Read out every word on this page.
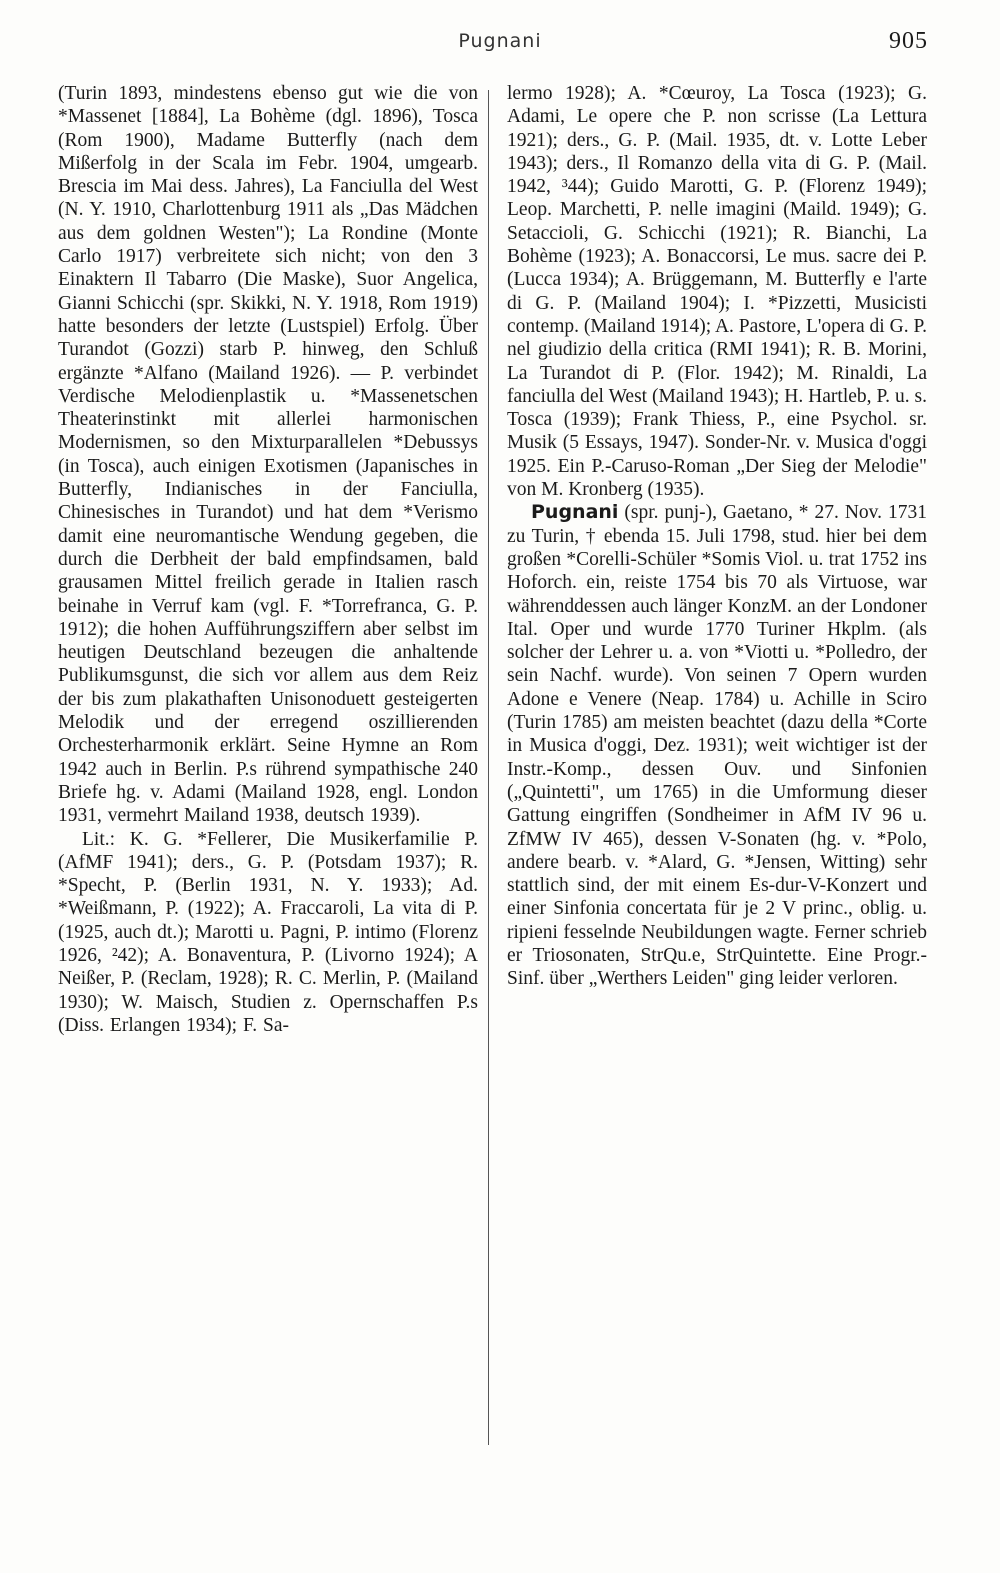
Pugnani	905

(Turin 1893, mindestens ebenso gut wie die von *Massenet [1884], La Bohème (dgl. 1896), Tosca (Rom 1900), Madame Butterfly (nach dem Mißerfolg in der Scala im Febr. 1904, umgearb. Brescia im Mai dess. Jahres), La Fanciulla del West (N. Y. 1910, Charlottenburg 1911 als „Das Mädchen aus dem goldnen Westen"); La Rondine (Monte Carlo 1917) verbreitete sich nicht; von den 3 Einaktern Il Tabarro (Die Maske), Suor Angelica, Gianni Schicchi (spr. Skikki, N. Y. 1918, Rom 1919) hatte besonders der letzte (Lustspiel) Erfolg. Über Turandot (Gozzi) starb P. hinweg, den Schluß ergänzte *Alfano (Mailand 1926). — P. verbindet Verdische Melodienplastik u. *Massenetschen Theaterinstinkt mit allerlei harmonischen Modernismen, so den Mixturparallelen *Debussys (in Tosca), auch einigen Exotismen (Japanisches in Butterfly, Indianisches in der Fanciulla, Chinesisches in Turandot) und hat dem *Verismo damit eine neuromantische Wendung gegeben, die durch die Derbheit der bald empfindsamen, bald grausamen Mittel freilich gerade in Italien rasch beinahe in Verruf kam (vgl. F. *Torrefranca, G. P. 1912); die hohen Aufführungsziffern aber selbst im heutigen Deutschland bezeugen die anhaltende Publikumsgunst, die sich vor allem aus dem Reiz der bis zum plakathaften Unisonoduett gesteigerten Melodik und der erregend oszillierenden Orchesterharmonik erklärt. Seine Hymne an Rom 1942 auch in Berlin. P.s rührend sympathische 240 Briefe hg. v. Adami (Mailand 1928, engl. London 1931, vermehrt Mailand 1938, deutsch 1939).

Lit.: K. G. *Fellerer, Die Musikerfamilie P. (AfMF 1941); ders., G. P. (Potsdam 1937); R. *Specht, P. (Berlin 1931, N. Y. 1933); Ad. *Weißmann, P. (1922); A. Fraccaroli, La vita di P. (1925, auch dt.); Marotti u. Pagni, P. intimo (Florenz 1926, ²42); A. Bonaventura, P. (Livorno 1924); A Neißer, P. (Reclam, 1928); R. C. Merlin, P. (Mailand 1930); W. Maisch, Studien z. Opernschaffen P.s (Diss. Erlangen 1934); F. Sa-

lermo 1928); A. *Cœuroy, La Tosca (1923); G. Adami, Le opere che P. non scrisse (La Lettura 1921); ders., G. P. (Mail. 1935, dt. v. Lotte Leber 1943); ders., Il Romanzo della vita di G. P. (Mail. 1942, ³44); Guido Marotti, G. P. (Florenz 1949); Leop. Marchetti, P. nelle imagini (Maild. 1949); G. Setaccioli, G. Schicchi (1921); R. Bianchi, La Bohème (1923); A. Bonaccorsi, Le mus. sacre dei P. (Lucca 1934); A. Brüggemann, M. Butterfly e l'arte di G. P. (Mailand 1904); I. *Pizzetti, Musicisti contemp. (Mailand 1914); A. Pastore, L'opera di G. P. nel giudizio della critica (RMI 1941); R. B. Morini, La Turandot di P. (Flor. 1942); M. Rinaldi, La fanciulla del West (Mailand 1943); H. Hartleb, P. u. s. Tosca (1939); Frank Thiess, P., eine Psychol. sr. Musik (5 Essays, 1947). Sonder-Nr. v. Musica d'oggi 1925. Ein P.-Caruso-Roman „Der Sieg der Melodie" von M. Kronberg (1935).

Pugnani (spr. punj-), Gaetano, * 27. Nov. 1731 zu Turin, † ebenda 15. Juli 1798, stud. hier bei dem großen *Corelli-Schüler *Somis Viol. u. trat 1752 ins Hoforch. ein, reiste 1754 bis 70 als Virtuose, war währenddessen auch länger KonzM. an der Londoner Ital. Oper und wurde 1770 Turiner Hkplm. (als solcher der Lehrer u. a. von *Viotti u. *Polledro, der sein Nachf. wurde). Von seinen 7 Opern wurden Adone e Venere (Neap. 1784) u. Achille in Sciro (Turin 1785) am meisten beachtet (dazu della *Corte in Musica d'oggi, Dez. 1931); weit wichtiger ist der Instr.-Komp., dessen Ouv. und Sinfonien („Quintetti", um 1765) in die Umformung dieser Gattung eingriffen (Sondheimer in AfM IV 96 u. ZfMW IV 465), dessen V-Sonaten (hg. v. *Polo, andere bearb. v. *Alard, G. *Jensen, Witting) sehr stattlich sind, der mit einem Es-dur-V-Konzert und einer Sinfonia concertata für je 2 V princ., oblig. u. ripieni fesselnde Neubildungen wagte. Ferner schrieb er Triosonaten, StrQu.e, StrQuintette. Eine Progr.-Sinf. über „Werthers Leiden" ging leider verloren.
